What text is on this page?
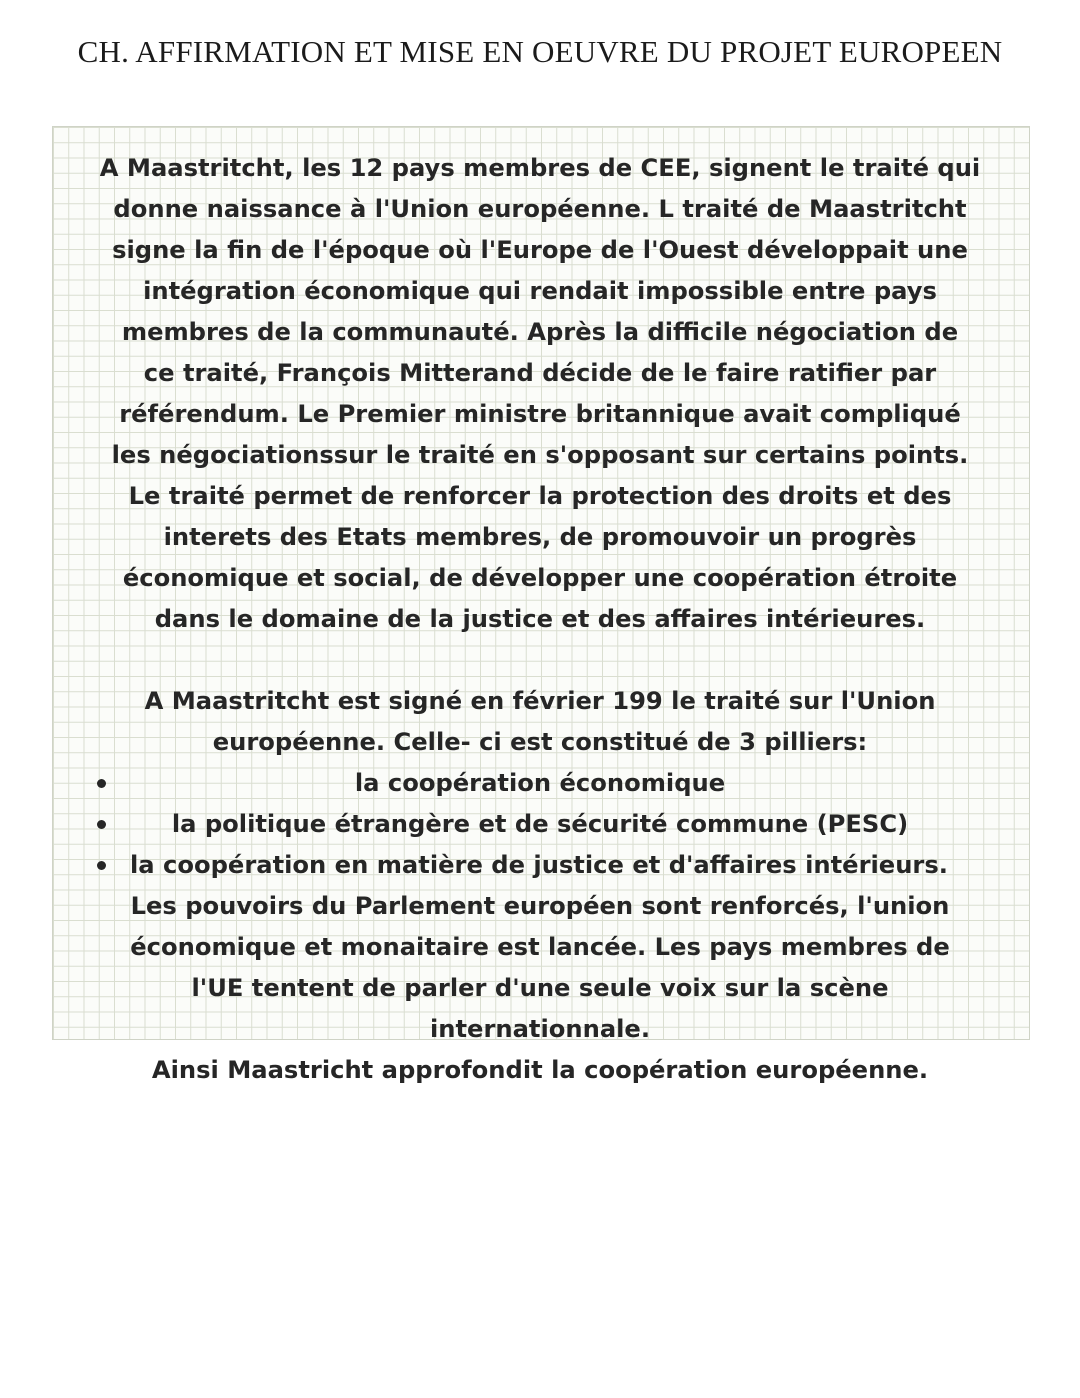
CH. AFFIRMATION ET MISE EN OEUVRE DU PROJET EUROPEEN

A Maastritcht, les 12 pays membres de CEE, signent le traité qui
donne naissance à l'Union européenne. L traité de Maastritcht
signe la fin de l'époque où l'Europe de l'Ouest développait une
intégration économique qui rendait impossible entre pays
membres de la communauté. Après la difficile négociation de
ce traité, François Mitterand décide de le faire ratifier par
référendum. Le Premier ministre britannique avait compliqué
les négociationssur le traité en s'opposant sur certains points.
Le traité permet de renforcer la protection des droits et des
interets des Etats membres, de promouvoir un progrès
économique et social, de développer une coopération étroite
dans le domaine de la justice et des affaires intérieures.

A Maastritcht est signé en février 199 le traité sur l'Union
européenne. Celle- ci est constitué de 3 pilliers:

la coopération économique
la politique étrangère et de sécurité commune (PESC)
la coopération en matière de justice et d'affaires intérieurs.

Les pouvoirs du Parlement européen sont renforcés, l'union
économique et monaitaire est lancée. Les pays membres de
l'UE tentent de parler d'une seule voix sur la scène
internationnale.
Ainsi Maastricht approfondit la coopération européenne.
